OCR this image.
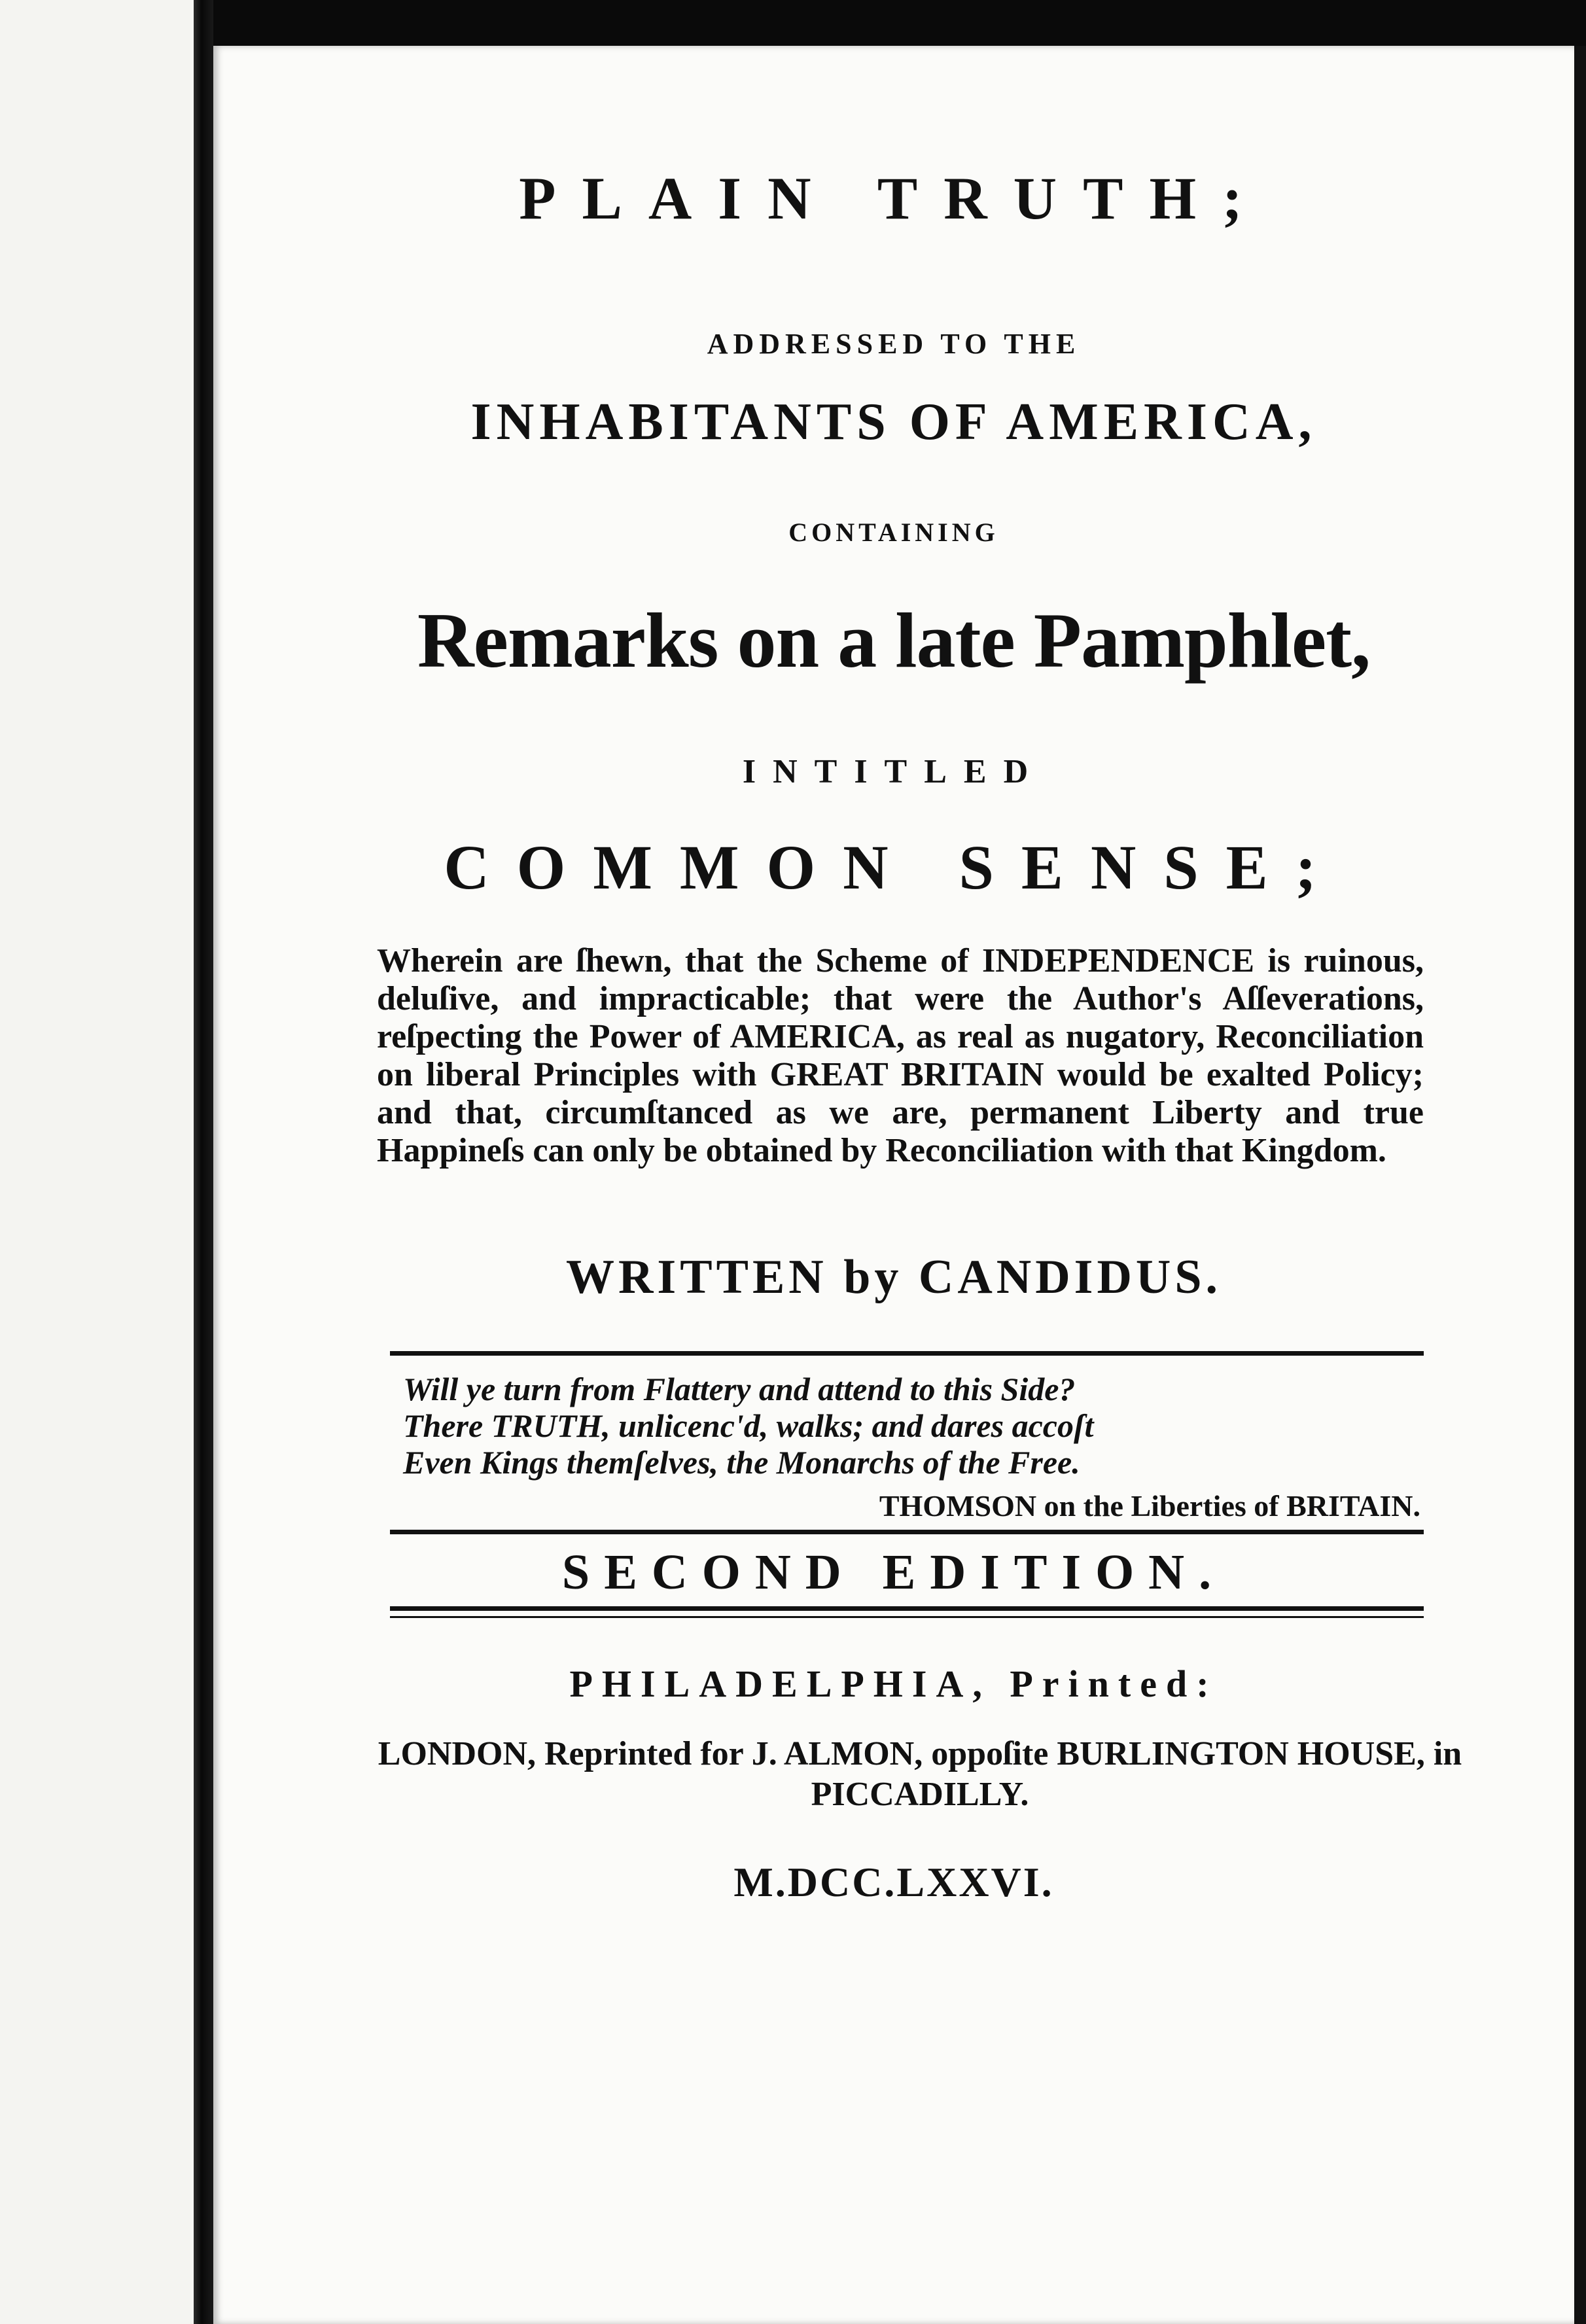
PLAIN TRUTH;
ADDRESSED TO THE
INHABITANTS OF AMERICA,
CONTAINING
Remarks on a late Pamphlet,
INTITLED
COMMON SENSE;
Wherein are ſhewn, that the Scheme of INDEPENDENCE is ruinous, deluſive, and impracticable; that were the Author's Aſſeverations, reſpecting the Power of AMERICA, as real as nugatory, Reconciliation on liberal Principles with GREAT BRITAIN would be exalted Policy; and that, circumſtanced as we are, permanent Liberty and true Happineſs can only be obtained by Reconciliation with that Kingdom.
WRITTEN by CANDIDUS.
Will ye turn from Flattery and attend to this Side?
There TRUTH, unlicenc'd, walks; and dares accoſt
Even Kings themſelves, the Monarchs of the Free.
THOMSON on the Liberties of BRITAIN.
SECOND EDITION.
PHILADELPHIA, Printed:
LONDON, Reprinted for J. ALMON, oppoſite BURLINGTON HOUSE, in PICCADILLY.
M.DCC.LXXVI.
